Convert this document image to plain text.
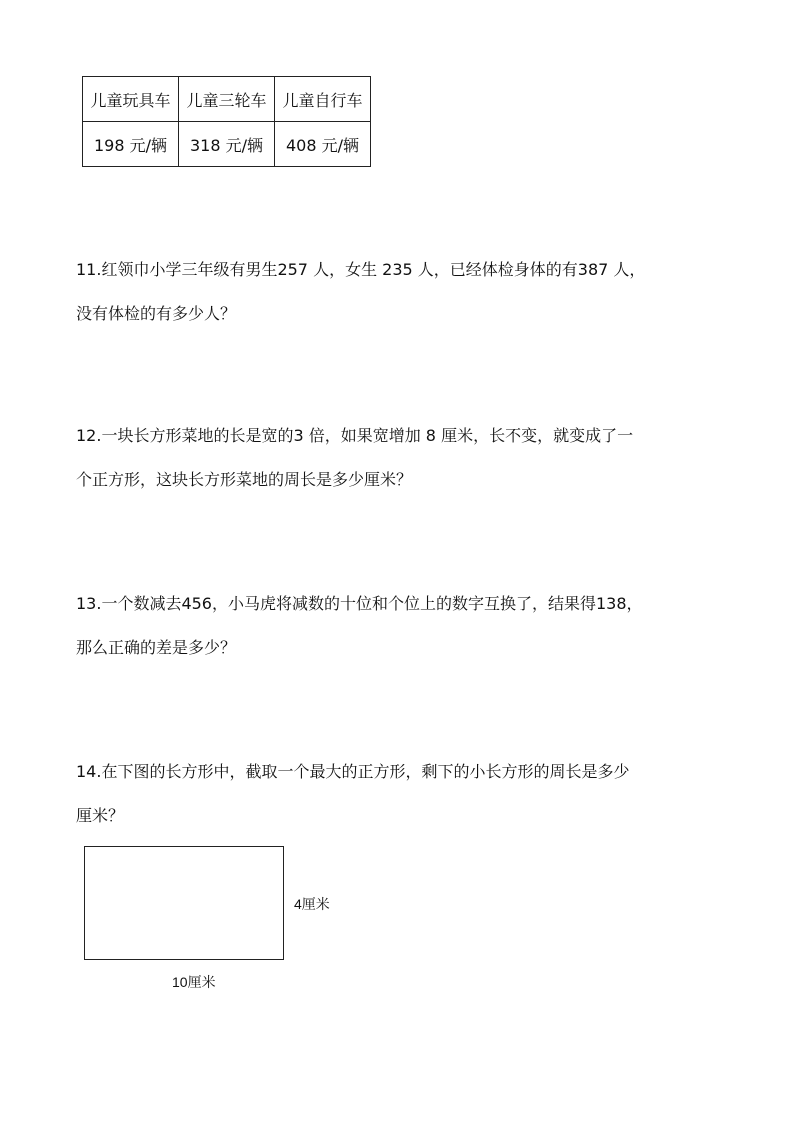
儿童玩具车	儿童三轮车	儿童自行车
198 元/辆	318 元/辆	408 元/辆
11.红领巾小学三年级有男生257 人，女生 235 人，已经体检身体的有387 人，
没有体检的有多少人？
12.一块长方形菜地的长是宽的3 倍，如果宽增加 8 厘米，长不变，就变成了一
个正方形，这块长方形菜地的周长是多少厘米？
13.一个数减去456，小马虎将减数的十位和个位上的数字互换了，结果得138，
那么正确的差是多少？
14.在下图的长方形中，截取一个最大的正方形，剩下的小长方形的周长是多少
厘米？

4厘米

10厘米
